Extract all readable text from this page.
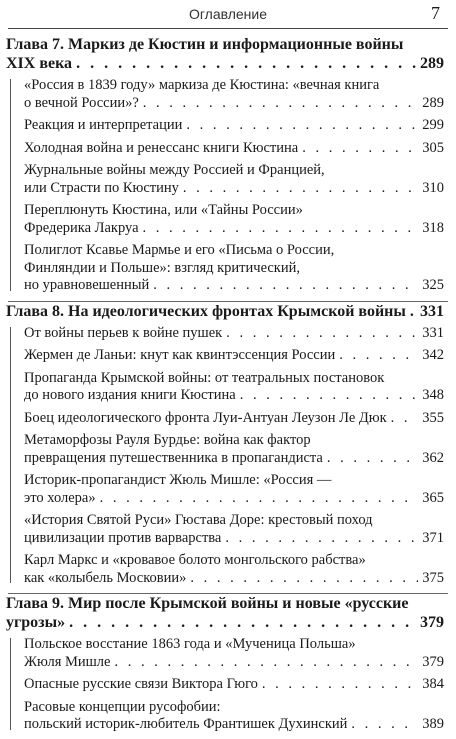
Оглавление	7
Глава 7. Маркиз де Кюстин и информационные войны
XIX века . . .	289
«Россия в 1839 году» маркиза де Кюстина: «вечная книга
о вечной России»? . . .	289
Реакция и интерпретации . . .	299
Холодная война и ренессанс книги Кюстина . . .	305
Журнальные войны между Россией и Францией,
или Страсти по Кюстину . . .	310
Переплюнуть Кюстина, или «Тайны России»
Фредерика Лакруа . . .	318
Полиглот Ксавье Мармье и его «Письма о России,
Финляндии и Польше»: взгляд критический,
но уравновешенный . . .	325
Глава 8. На идеологических фронтах Крымской войны . . . 331
От войны перьев к войне пушек . . .	331
Жермен де Ланьи: кнут как квинтэссенция России . . .	342
Пропаганда Крымской войны: от театральных постановок
до нового издания книги Кюстина . . .	348
Боец идеологического фронта Луи-Антуан Леузон Ле Дюк . . . 355
Метаморфозы Рауля Бурдье: война как фактор
превращения путешественника в пропагандиста . . .	362
Историк-пропагандист Жюль Мишле: «Россия —
это холера» . . .	365
«История Святой Руси» Гюстава Доре: крестовый поход
цивилизации против варварства . . .	371
Карл Маркс и «кровавое болото монгольского рабства»
как «колыбель Московии» . . .	375
Глава 9. Мир после Крымской войны и новые «русские
угрозы» . . .	379
Польское восстание 1863 года и «Мученица Польша»
Жюля Мишле . . .	379
Опасные русские связи Виктора Гюго . . .	384
Расовые концепции русофобии:
польский историк-любитель Франтишек Духинский . . .	389
